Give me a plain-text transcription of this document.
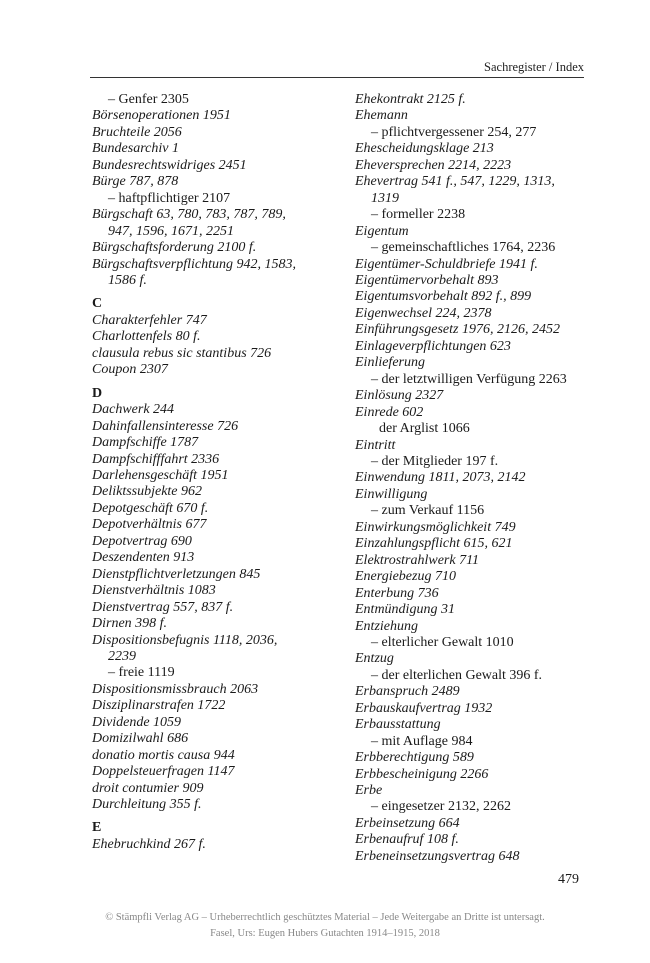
Sachregister / Index
– Genfer 2305
Börsenoperationen 1951
Bruchteile 2056
Bundesarchiv 1
Bundesrechtswidriges 2451
Bürge 787, 878
– haftpflichtiger 2107
Bürgschaft 63, 780, 783, 787, 789,
947, 1596, 1671, 2251
Bürgschaftsforderung 2100 f.
Bürgschaftsverpflichtung 942, 1583,
1586 f.
C
Charakterfehler 747
Charlottenfels 80 f.
clausula rebus sic stantibus 726
Coupon 2307
D
Dachwerk 244
Dahinfallensinteresse 726
Dampfschiffe 1787
Dampfschifffahrt 2336
Darlehensgeschäft 1951
Deliktssubjekte 962
Depotgeschäft 670 f.
Depotverhältnis 677
Depotvertrag 690
Deszendenten 913
Dienstpflichtverletzungen 845
Dienstverhältnis 1083
Dienstvertrag 557, 837 f.
Dirnen 398 f.
Dispositionsbefugnis 1118, 2036,
2239
– freie 1119
Dispositionsmissbrauch 2063
Disziplinarstrafen 1722
Dividende 1059
Domizilwahl 686
donatio mortis causa 944
Doppelsteuerfragen 1147
droit contumier 909
Durchleitung 355 f.
E
Ehebruchkind 267 f.
Ehekontrakt 2125 f.
Ehemann
– pflichtvergessener 254, 277
Ehescheidungsklage 213
Eheversprechen 2214, 2223
Ehevertrag 541 f., 547, 1229, 1313,
1319
– formeller 2238
Eigentum
– gemeinschaftliches 1764, 2236
Eigentümer-Schuldbriefe 1941 f.
Eigentümervorbehalt 893
Eigentumsvorbehalt 892 f., 899
Eigenwechsel 224, 2378
Einführungsgesetz 1976, 2126, 2452
Einlageverpflichtungen 623
Einlieferung
– der letztwilligen Verfügung 2263
Einlösung 2327
Einrede 602
der Arglist 1066
Eintritt
– der Mitglieder 197 f.
Einwendung 1811, 2073, 2142
Einwilligung
– zum Verkauf 1156
Einwirkungsmöglichkeit 749
Einzahlungspflicht 615, 621
Elektrostrahlwerk 711
Energiebezug 710
Enterbung 736
Entmündigung 31
Entziehung
– elterlicher Gewalt 1010
Entzug
– der elterlichen Gewalt 396 f.
Erbanspruch 2489
Erbauskaufvertrag 1932
Erbausstattung
– mit Auflage 984
Erbberechtigung 589
Erbbescheinigung 2266
Erbe
– eingesetzer 2132, 2262
Erbeinsetzung 664
Erbenaufruf 108 f.
Erbeneinsetzungsvertrag 648
479
© Stämpfli Verlag AG – Urheberrechtlich geschütztes Material – Jede Weitergabe an Dritte ist untersagt.
Fasel, Urs: Eugen Hubers Gutachten 1914–1915, 2018
